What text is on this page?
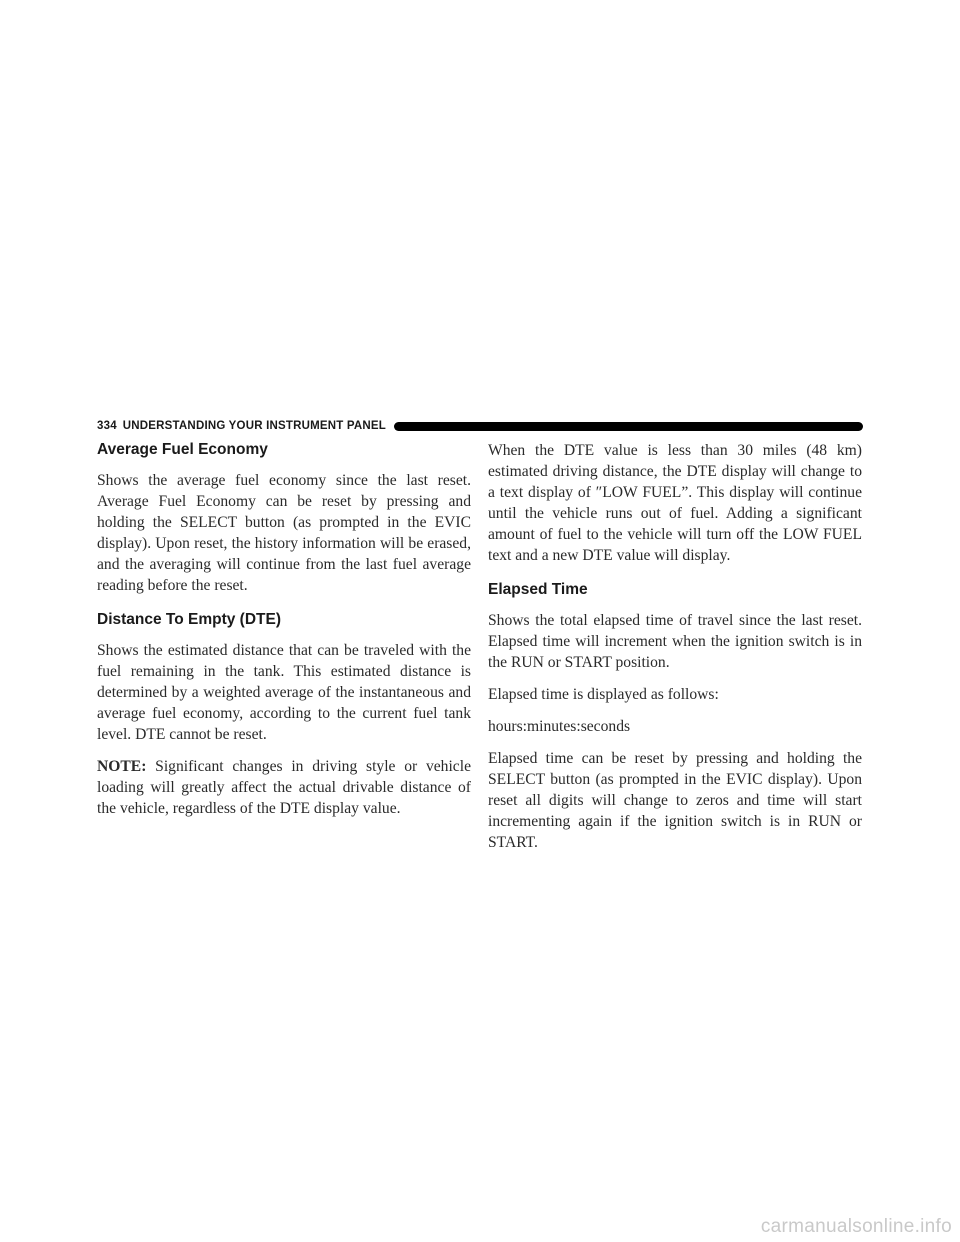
334 UNDERSTANDING YOUR INSTRUMENT PANEL
Average Fuel Economy

Shows the average fuel economy since the last reset. Average Fuel Economy can be reset by pressing and holding the SELECT button (as prompted in the EVIC display). Upon reset, the history information will be erased, and the averaging will continue from the last fuel average reading before the reset.

Distance To Empty (DTE)

Shows the estimated distance that can be traveled with the fuel remaining in the tank. This estimated distance is determined by a weighted average of the instantaneous and average fuel economy, according to the current fuel tank level. DTE cannot be reset.

NOTE: Significant changes in driving style or vehicle loading will greatly affect the actual drivable distance of the vehicle, regardless of the DTE display value.

When the DTE value is less than 30 miles (48 km) estimated driving distance, the DTE display will change to a text display of ″LOW FUEL”. This display will continue until the vehicle runs out of fuel. Adding a significant amount of fuel to the vehicle will turn off the LOW FUEL text and a new DTE value will display.

Elapsed Time

Shows the total elapsed time of travel since the last reset. Elapsed time will increment when the ignition switch is in the RUN or START position.

Elapsed time is displayed as follows:

hours:minutes:seconds

Elapsed time can be reset by pressing and holding the SELECT button (as prompted in the EVIC display). Upon reset all digits will change to zeros and time will start incrementing again if the ignition switch is in RUN or START.

carmanualsonline.info
